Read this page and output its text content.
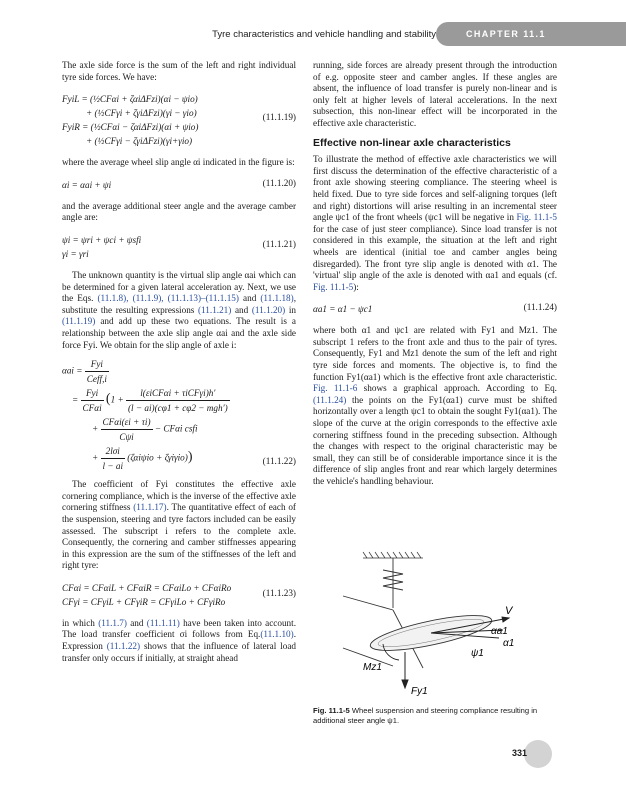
Tyre characteristics and vehicle handling and stability	CHAPTER 11.1

The axle side force is the sum of the left and right individual tyre side forces. We have:

FyiL = (½CFαi + ζαiΔFzi)(αi − ψio)
+ (½CFγi + ζγiΔFzi)(γi − γio)
FyiR = (½CFαi − ζαiΔFzi)(αi + ψio)
+ (½CFγi − ζγiΔFzi)(γi+γio)
(11.1.19)

where the average wheel slip angle αi indicated in the figure is:

αi = αai + ψi	(11.1.20)

and the average additional steer angle and the average camber angle are:

ψi = ψri + ψci + ψsfi
γi = γri
(11.1.21)

The unknown quantity is the virtual slip angle αai which can be determined for a given lateral acceleration ay. Next, we use the Eqs. (11.1.8), (11.1.9), (11.1.13)–(11.1.15) and (11.1.18), substitute the resulting expressions (11.1.21) and (11.1.20) in (11.1.19) and add up these two equations. The result is a relationship between the axle slip angle αai and the axle side force Fyi. We obtain for the slip angle of axle i:

$\alpha ai = \frac{\text{Fyi}}{\text{Ceff,i}}$
= $\frac{\text{Fyi}}{\text{CFαi}} (1 + \frac{\text{l(εiCFαi + τiCFγi)h′}}{\text{(l − ai)(cφ1 + cφ2 − mgh′)}}$
+ $\frac{\text{CFαi(εi + τi)}}{\text{Cψi}} - CF\alpha i$ csfi
+ $\frac{\text{2lσi}}{l - ai} (\zeta\alpha i\psi io + \zeta\gamma i\gamma io)$)	(11.1.22)

The coefficient of Fyi constitutes the effective axle cornering compliance, which is the inverse of the effective axle cornering stiffness (11.1.17). The quantitative effect of each of the suspension, steering and tyre factors included can be easily assessed. The subscript i refers to the complete axle. Consequently, the cornering and camber stiffnesses appearing in this expression are the sum of the stiffnesses of the left and right tyre:

CFαi = CFαiL + CFαiR = CFαiLo + CFαiRo
CFγi = CFγiL + CFγiR = CFγiLo + CFγiRo
(11.1.23)

in which (11.1.7) and (11.1.11) have been taken into account. The load transfer coefficient σi follows from Eq.(11.1.10). Expression (11.1.22) shows that the influence of lateral load transfer only occurs if initially, at straight ahead

running, side forces are already present through the introduction of e.g. opposite steer and camber angles. If these angles are absent, the influence of load transfer is purely non-linear and is only felt at higher levels of lateral accelerations. In the next subsection, this non-linear effect will be incorporated in the effective axle characteristic.

Effective non-linear axle characteristics

To illustrate the method of effective axle characteristics we will first discuss the determination of the effective characteristic of a front axle showing steering compliance. The steering wheel is held fixed. Due to tyre side forces and self-aligning torques (left and right) distortions will arise resulting in an incremental steer angle ψc1 of the front wheels (ψc1 will be negative in Fig. 11.1-5 for the case of just steer compliance). Since load transfer is not considered in this example, the situation at the left and right wheels are identical (initial toe and camber angles being disregarded). The front tyre slip angle is denoted with α1. The 'virtual' slip angle of the axle is denoted with αa1 and equals (cf. Fig. 11.1-5):

αa1 = α1 − ψc1	(11.1.24)

where both α1 and ψc1 are related with Fy1 and Mz1. The subscript 1 refers to the front axle and thus to the pair of tyres. Consequently, Fy1 and Mz1 denote the sum of the left and right tyre side forces and moments. The objective is, to find the function Fy1(αa1) which is the effective front axle characteristic. Fig. 11.1-6 shows a graphical approach. According to Eq.(11.1.24) the points on the Fy1(αa1) curve must be shifted horizontally over a length ψc1 to obtain the sought Fy1(αa1). The slope of the curve at the origin corresponds to the effective axle cornering stiffness found in the preceding subsection. Although the changes with respect to the original characteristic may be small, they can still be of considerable importance since it is the difference of slip angles front and rear which largely determines the vehicle's handling behaviour.

V
αa1
α1
ψ1
Mz1
Fy1
Fig. 11.1-5 Wheel suspension and steering compliance resulting in additional steer angle ψ1.
331
